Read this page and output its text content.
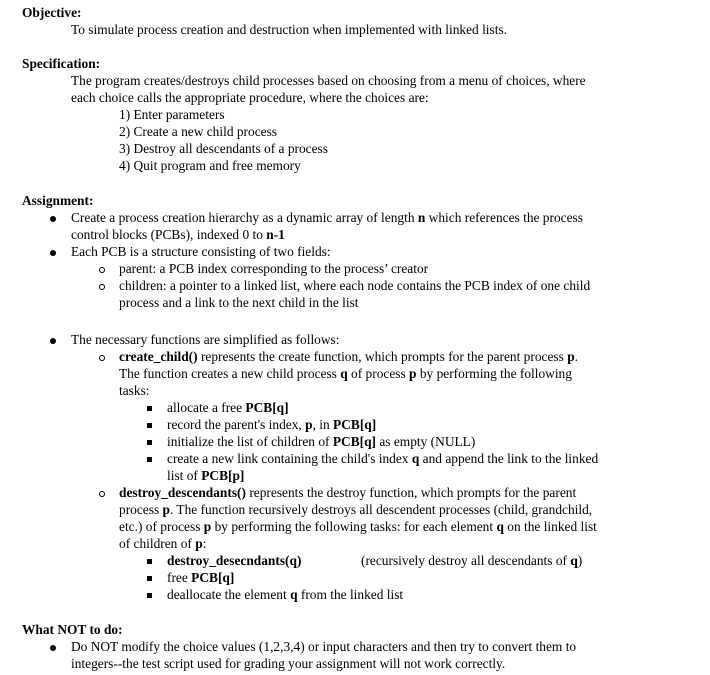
Objective:
To simulate process creation and destruction when implemented with linked lists.
Specification:
The program creates/destroys child processes based on choosing from a menu of choices, where
each choice calls the appropriate procedure, where the choices are:
1) Enter parameters
2) Create a new child process
3) Destroy all descendants of a process
4) Quit program and free memory
Assignment:
Create a process creation hierarchy as a dynamic array of length n which references the process
control blocks (PCBs), indexed 0 to n-1
Each PCB is a structure consisting of two fields:
parent: a PCB index corresponding to the process’ creator
children: a pointer to a linked list, where each node contains the PCB index of one child
process and a link to the next child in the list
The necessary functions are simplified as follows:
create_child() represents the create function, which prompts for the parent process p.
The function creates a new child process q of process p by performing the following
tasks:
allocate a free PCB[q]
record the parent's index, p, in PCB[q]
initialize the list of children of PCB[q] as empty (NULL)
create a new link containing the child's index q and append the link to the linked
list of PCB[p]
destroy_descendants() represents the destroy function, which prompts for the parent
process p. The function recursively destroys all descendent processes (child, grandchild,
etc.) of process p by performing the following tasks: for each element q on the linked list
of children of p:
destroy_desecndants(q)	(recursively destroy all descendants of q)
free PCB[q]
deallocate the element q from the linked list
What NOT to do:
Do NOT modify the choice values (1,2,3,4) or input characters and then try to convert them to
integers--the test script used for grading your assignment will not work correctly.
